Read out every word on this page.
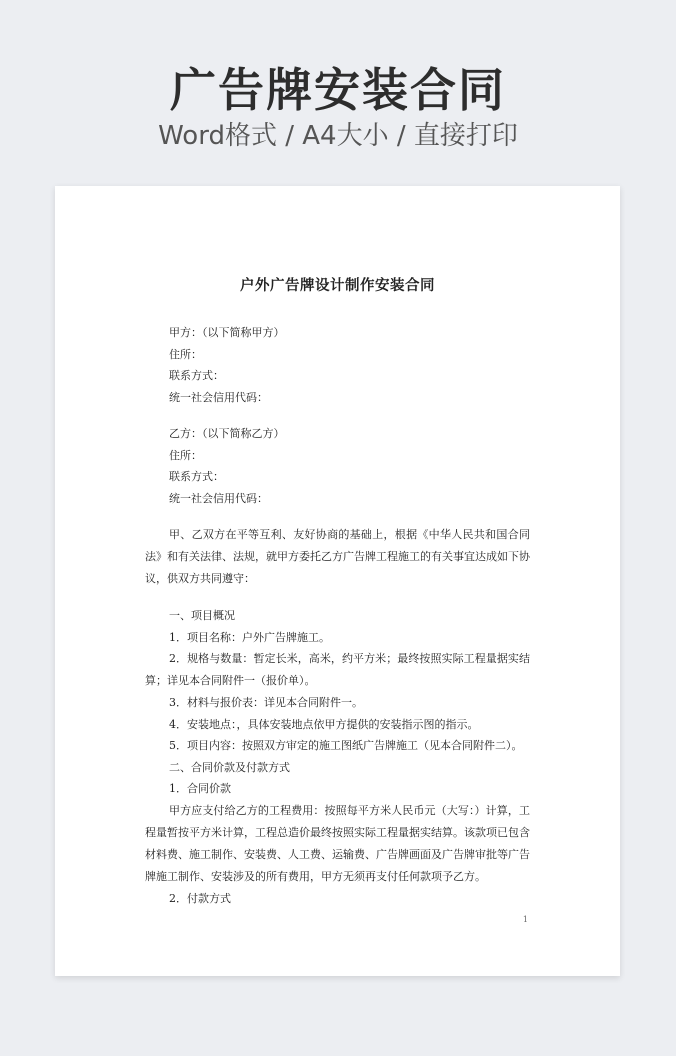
广告牌安装合同
Word格式 / A4大小 / 直接打印
户外广告牌设计制作安装合同

甲方：（以下简称甲方）

住所：

联系方式：

统一社会信用代码：

乙方：（以下简称乙方）

住所：

联系方式：

统一社会信用代码：

甲、乙双方在平等互利、友好协商的基础上，根据《中华人民共和国合同法》和有关法律、法规，就甲方委托乙方广告牌工程施工的有关事宜达成如下协议，供双方共同遵守：

一、项目概况

1．项目名称：户外广告牌施工。

2．规格与数量：暂定长米，高米，约平方米；最终按照实际工程量据实结算；详见本合同附件一（报价单）。

3．材料与报价表：详见本合同附件一。

4．安装地点：，具体安装地点依甲方提供的安装指示图的指示。

5．项目内容：按照双方审定的施工图纸广告牌施工（见本合同附件二）。

二、合同价款及付款方式

1．合同价款

甲方应支付给乙方的工程费用：按照每平方米人民币元（大写：）计算，工程量暂按平方米计算，工程总造价最终按照实际工程量据实结算。该款项已包含材料费、施工制作、安装费、人工费、运输费、广告牌画面及广告牌审批等广告牌施工制作、安装涉及的所有费用，甲方无须再支付任何款项予乙方。

2．付款方式

1
